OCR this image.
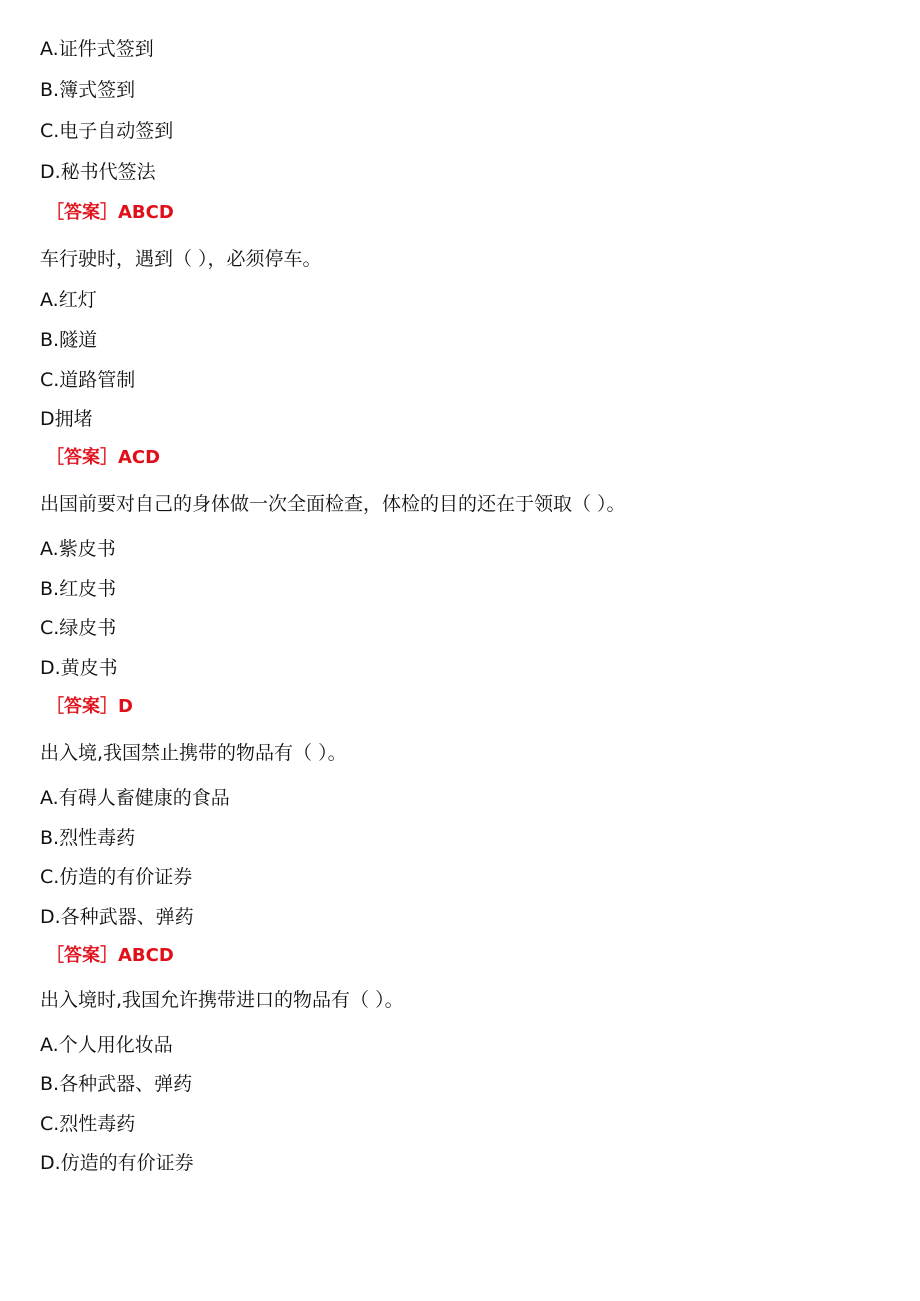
A.证件式签到
B.簿式签到
C.电子自动签到
D.秘书代签法
［答案］ABCD
车行驶时，遇到（ ），必须停车。
A.红灯
B.隧道
C.道路管制
D拥堵
［答案］ACD
出国前要对自己的身体做一次全面检查，体检的目的还在于领取（ ）。
A.紫皮书
B.红皮书
C.绿皮书
D.黄皮书
［答案］D
出入境,我国禁止携带的物品有（ ）。
A.有碍人畜健康的食品
B.烈性毒药
C.仿造的有价证券
D.各种武器、弹药
［答案］ABCD
出入境时,我国允许携带进口的物品有（ ）。
A.个人用化妆品
B.各种武器、弹药
C.烈性毒药
D.仿造的有价证券
